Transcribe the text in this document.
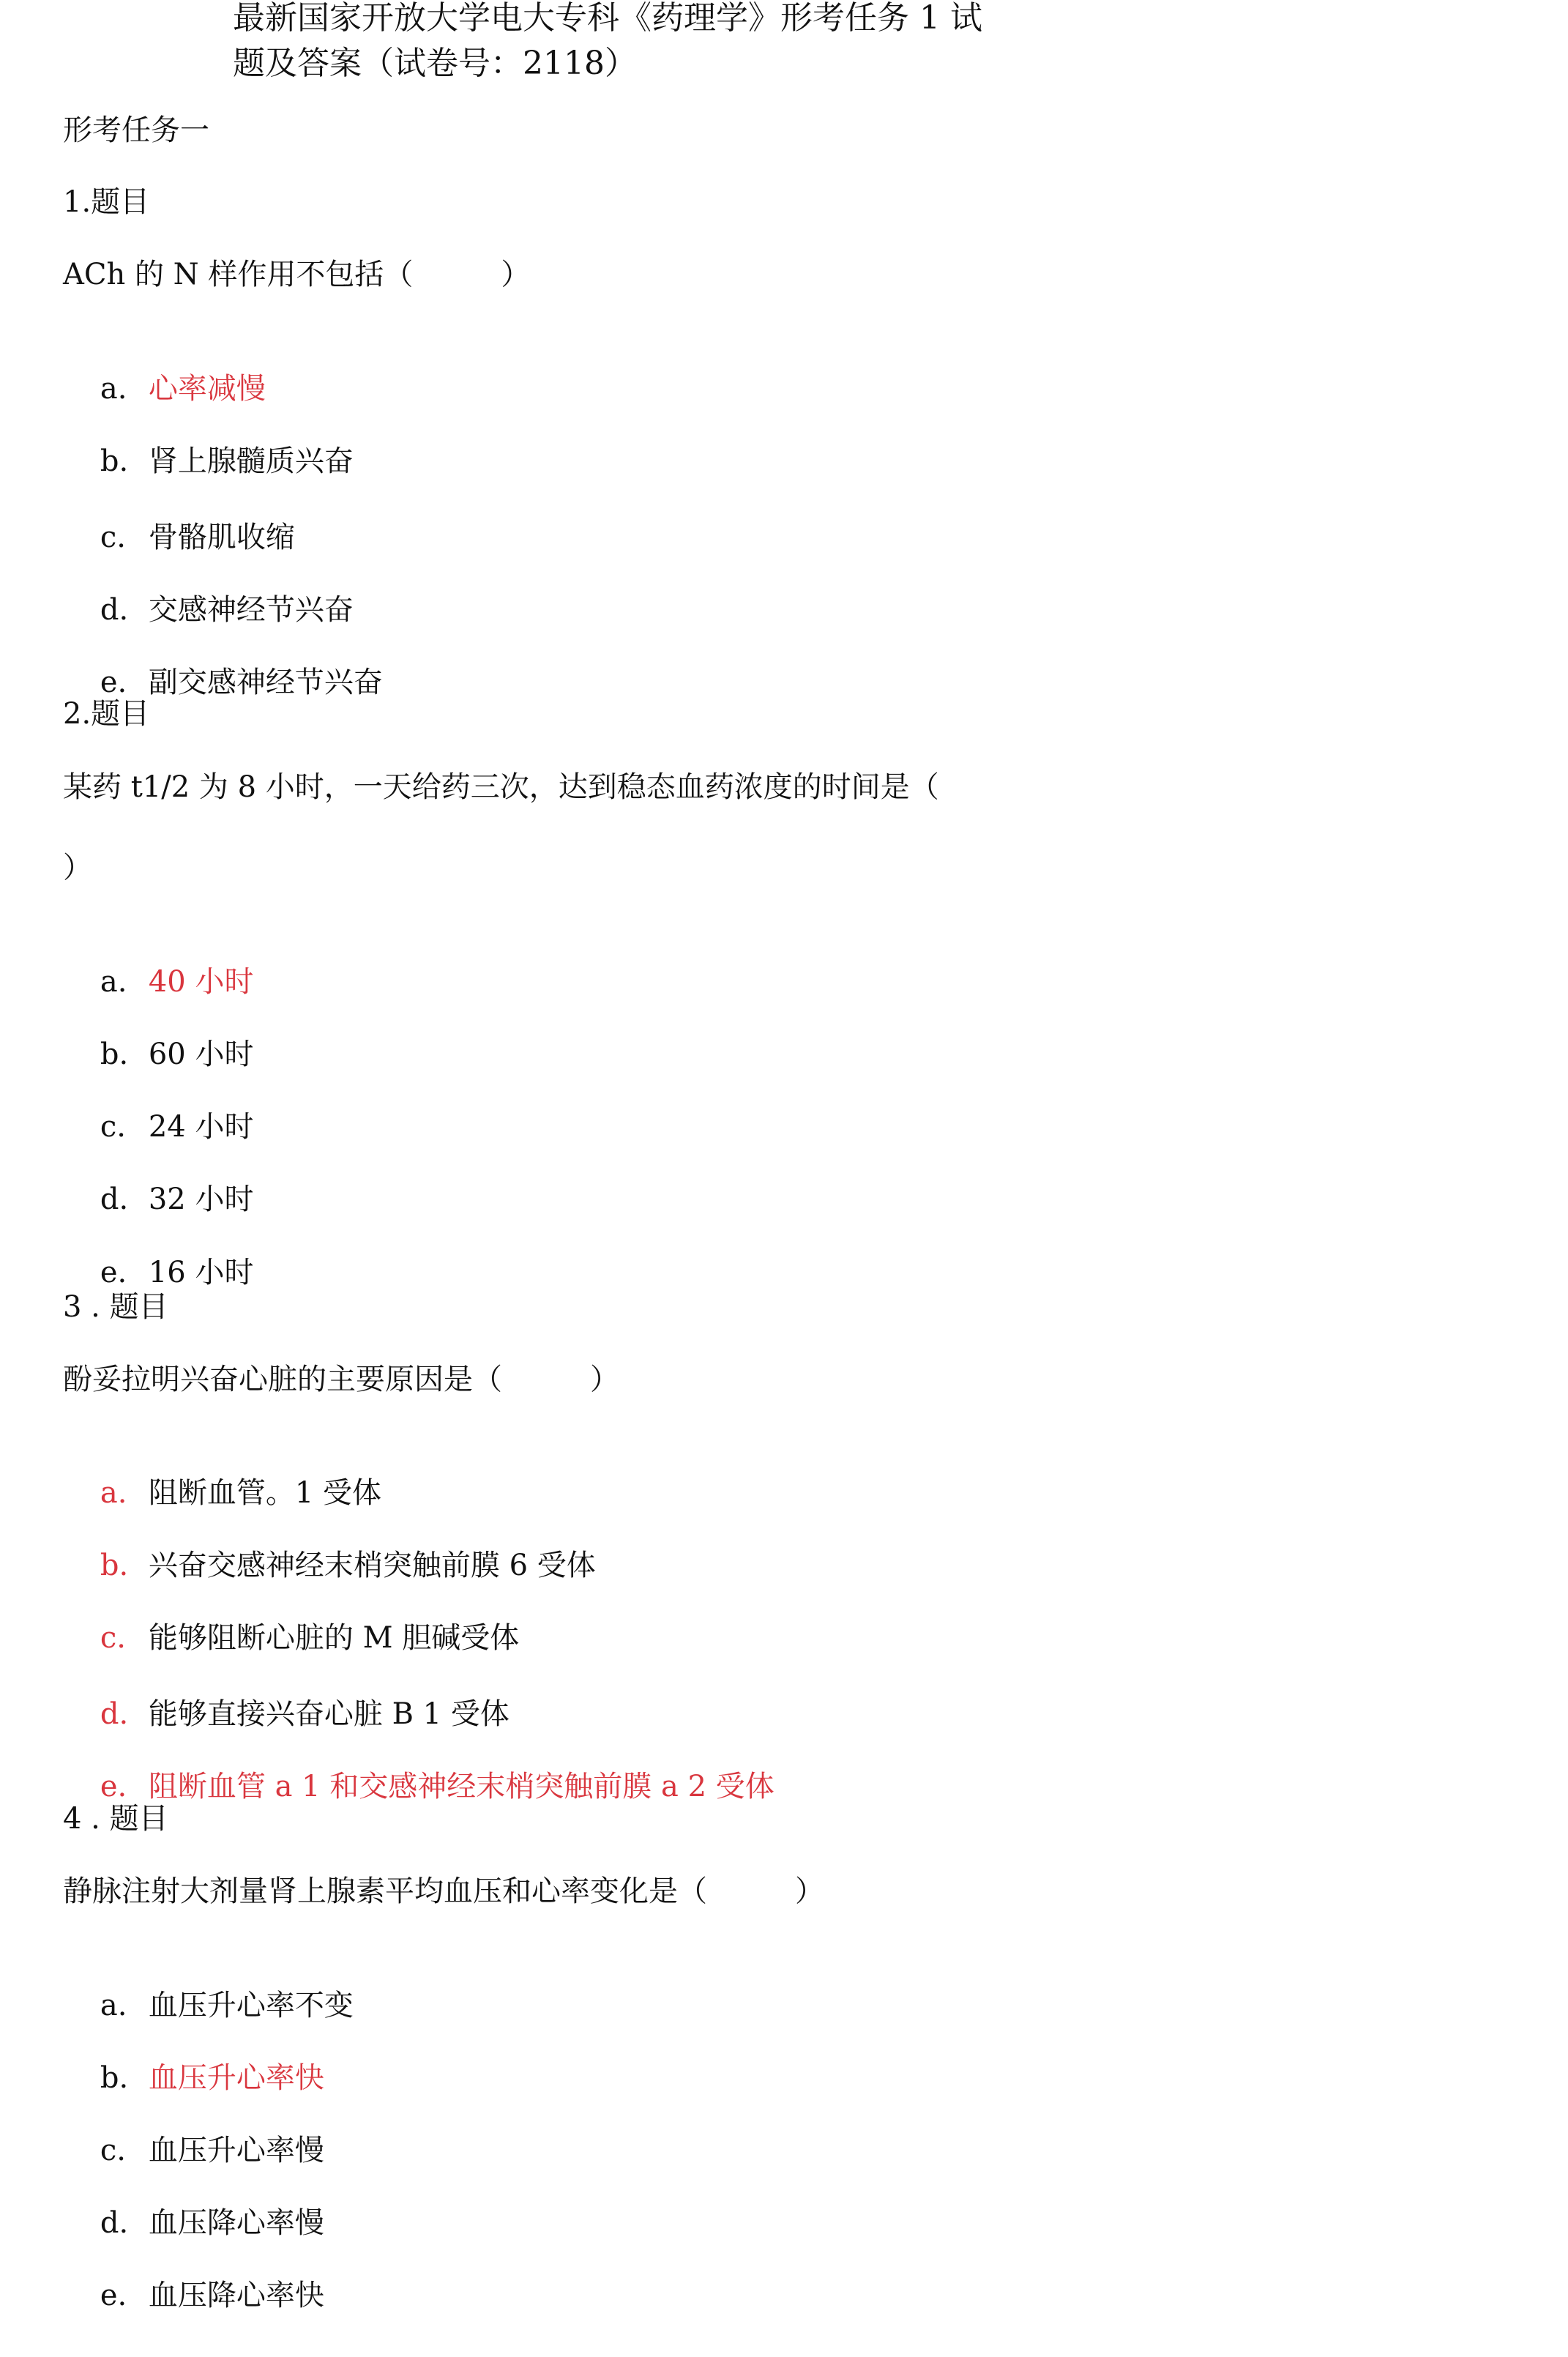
最新国家开放大学电大专科《药理学》形考任务 1 试
题及答案（试卷号：2118）
形考任务一
1.题目
ACh 的 N 样作用不包括（　　　）

a. 心率减慢

b. 肾上腺髓质兴奋

c. 骨骼肌收缩

d. 交感神经节兴奋

e. 副交感神经节兴奋

2.题目
某药 t1/2 为 8 小时，一天给药三次，达到稳态血药浓度的时间是（
）

a. 40 小时

b. 60 小时

c. 24 小时

d. 32 小时

e. 16 小时

3 . 题目
酚妥拉明兴奋心脏的主要原因是（　　　）

a. 阻断血管。1 受体

b. 兴奋交感神经末梢突触前膜 6 受体

c. 能够阻断心脏的 M 胆碱受体

d. 能够直接兴奋心脏 B 1 受体

e. 阻断血管 a 1 和交感神经末梢突触前膜 a 2 受体

4 . 题目
静脉注射大剂量肾上腺素平均血压和心率变化是（　　　）

a. 血压升心率不变

b. 血压升心率快

c. 血压升心率慢

d. 血压降心率慢

e. 血压降心率快
